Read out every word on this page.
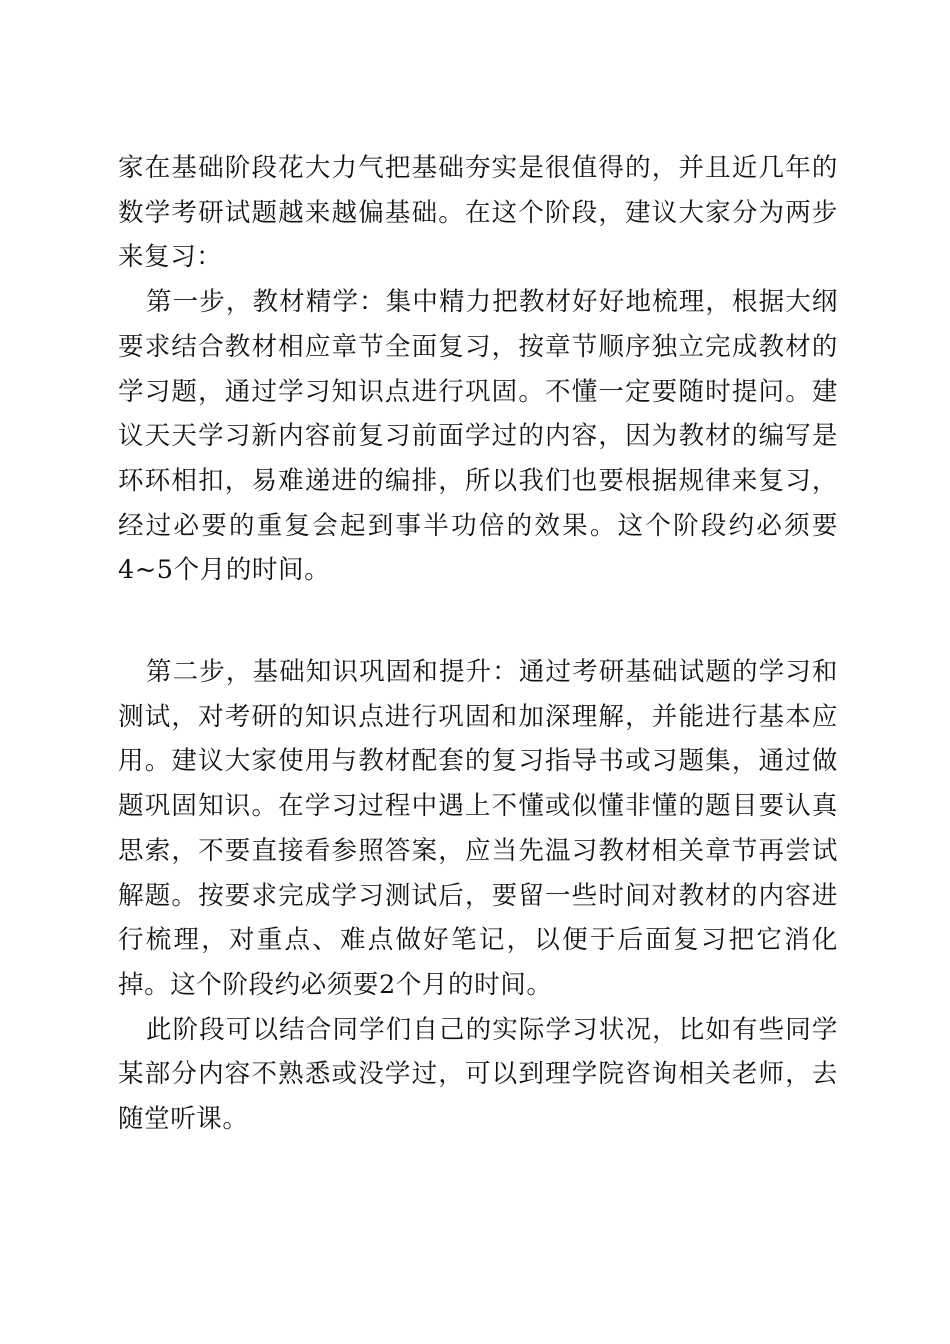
家在基础阶段花大力气把基础夯实是很值得的，并且近几年的数学考研试题越来越偏基础。在这个阶段，建议大家分为两步来复习：

第一步，教材精学：集中精力把教材好好地梳理，根据大纲要求结合教材相应章节全面复习，按章节顺序独立完成教材的学习题，通过学习知识点进行巩固。不懂一定要随时提问。建议天天学习新内容前复习前面学过的内容，因为教材的编写是环环相扣，易难递进的编排，所以我们也要根据规律来复习，经过必要的重复会起到事半功倍的效果。这个阶段约必须要4~5个月的时间。

第二步，基础知识巩固和提升：通过考研基础试题的学习和测试，对考研的知识点进行巩固和加深理解，并能进行基本应用。建议大家使用与教材配套的复习指导书或习题集，通过做题巩固知识。在学习过程中遇上不懂或似懂非懂的题目要认真思索，不要直接看参照答案，应当先温习教材相关章节再尝试解题。按要求完成学习测试后，要留一些时间对教材的内容进行梳理，对重点、难点做好笔记，以便于后面复习把它消化掉。这个阶段约必须要2个月的时间。

此阶段可以结合同学们自己的实际学习状况，比如有些同学某部分内容不熟悉或没学过，可以到理学院咨询相关老师，去随堂听课。
